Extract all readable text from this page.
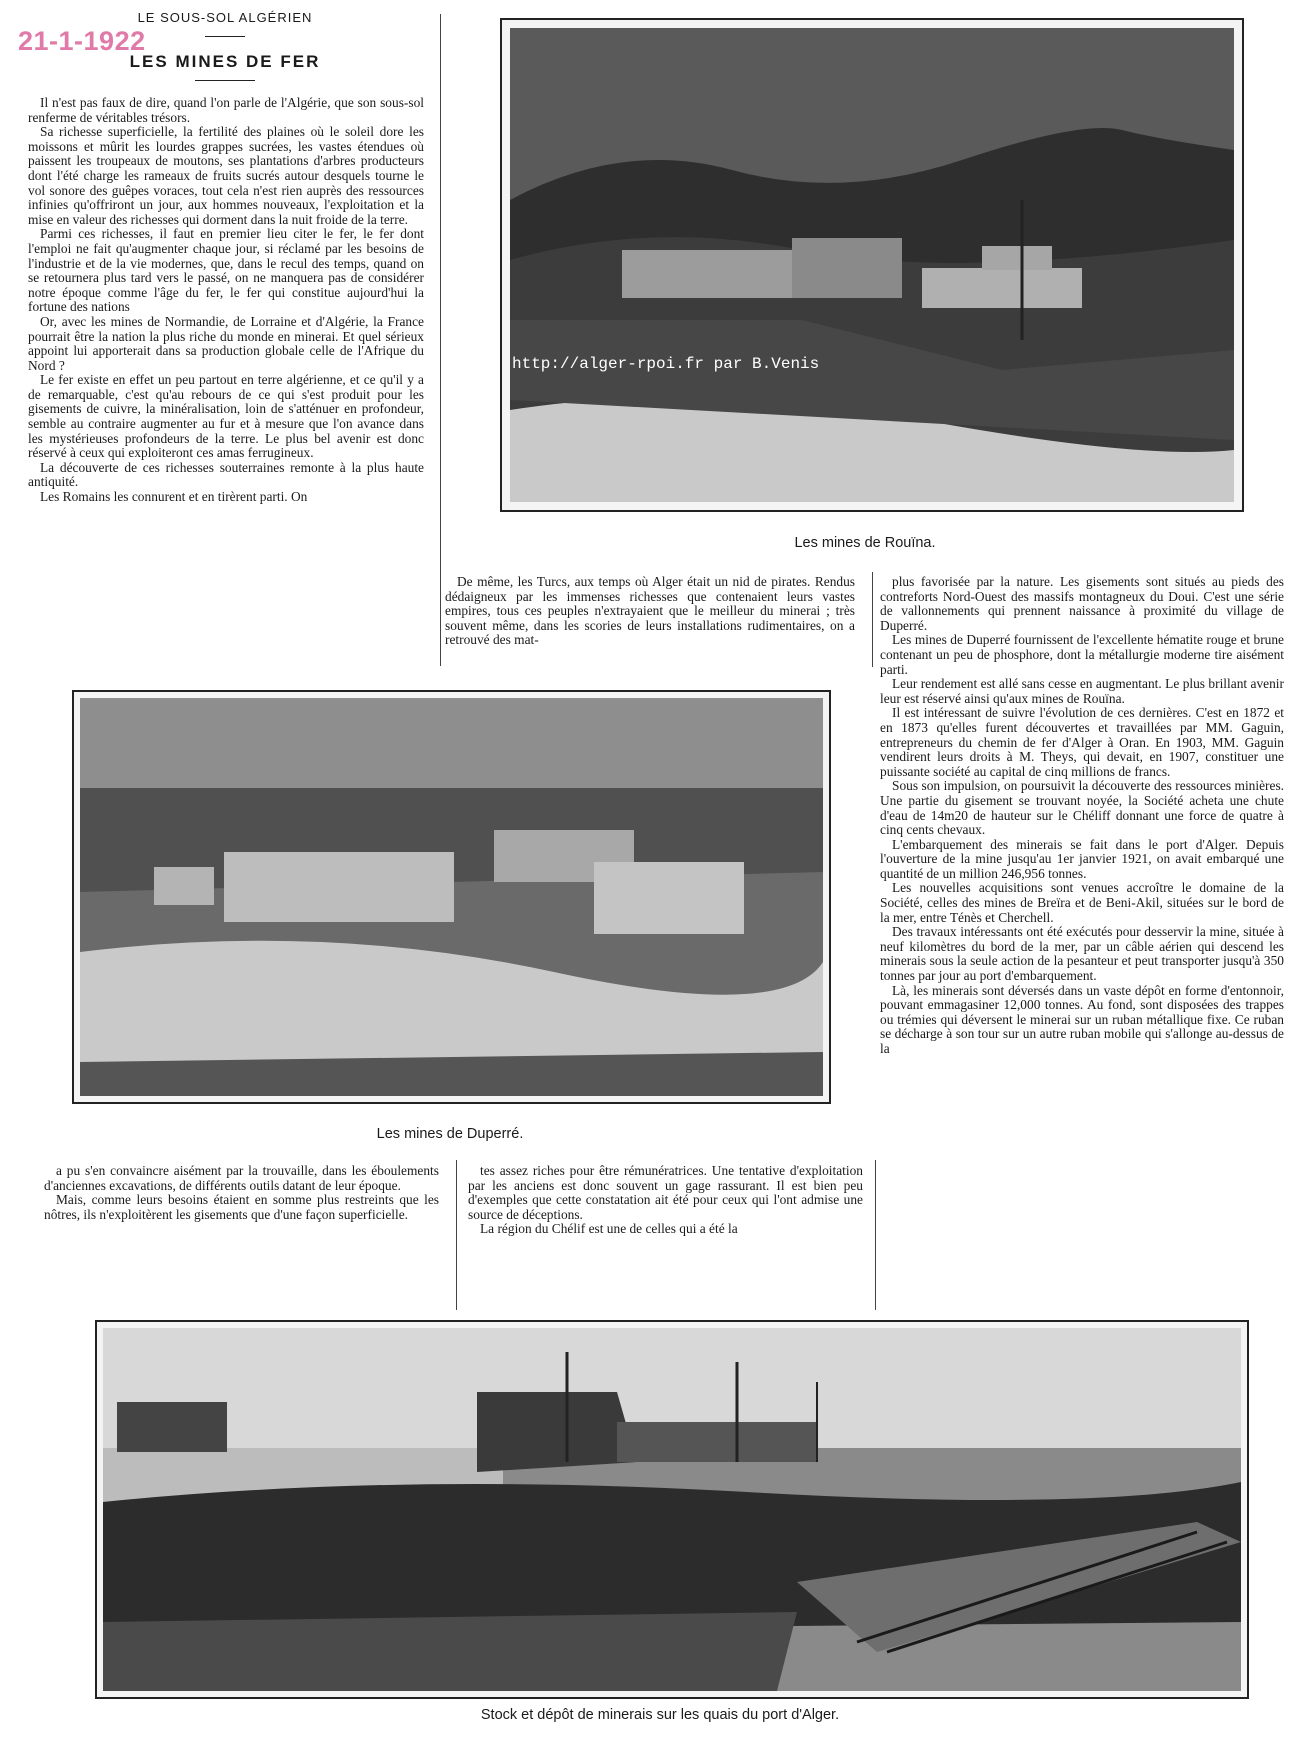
21-1-1922
LE SOUS-SOL ALGÉRIEN
LES MINES DE FER

Il n'est pas faux de dire, quand l'on parle de l'Algérie, que son sous-sol renferme de véritables trésors.

Sa richesse superficielle, la fertilité des plaines où le soleil dore les moissons et mûrit les lourdes grappes sucrées, les vastes étendues où paissent les troupeaux de moutons, ses plantations d'arbres producteurs dont l'été charge les rameaux de fruits sucrés autour desquels tourne le vol sonore des guêpes voraces, tout cela n'est rien auprès des ressources infinies qu'offriront un jour, aux hommes nouveaux, l'exploitation et la mise en valeur des richesses qui dorment dans la nuit froide de la terre.

Parmi ces richesses, il faut en premier lieu citer le fer, le fer dont l'emploi ne fait qu'augmenter chaque jour, si réclamé par les besoins de l'industrie et de la vie modernes, que, dans le recul des temps, quand on se retournera plus tard vers le passé, on ne manquera pas de considérer notre époque comme l'âge du fer, le fer qui constitue aujourd'hui la fortune des nations

Or, avec les mines de Normandie, de Lorraine et d'Algérie, la France pourrait être la nation la plus riche du monde en minerai. Et quel sérieux appoint lui apporterait dans sa production globale celle de l'Afrique du Nord ?

Le fer existe en effet un peu partout en terre algérienne, et ce qu'il y a de remarquable, c'est qu'au rebours de ce qui s'est produit pour les gisements de cuivre, la minéralisation, loin de s'atténuer en profondeur, semble au contraire augmenter au fur et à mesure que l'on avance dans les mystérieuses profondeurs de la terre. Le plus bel avenir est donc réservé à ceux qui exploiteront ces amas ferrugineux.

La découverte de ces richesses souterraines remonte à la plus haute antiquité.

Les Romains les connurent et en tirèrent parti. On

http://alger-rpoi.fr par B.Venis
Les mines de Rouïna.

De même, les Turcs, aux temps où Alger était un nid de pirates. Rendus dédaigneux par les immenses richesses que contenaient leurs vastes empires, tous ces peuples n'extrayaient que le meilleur du minerai ; très souvent même, dans les scories de leurs installations rudimentaires, on a retrouvé des mat-

plus favorisée par la nature. Les gisements sont situés au pieds des contreforts Nord-Ouest des massifs montagneux du Doui. C'est une série de vallonnements qui prennent naissance à proximité du village de Duperré.

Les mines de Duperré fournissent de l'excellente hématite rouge et brune contenant un peu de phosphore, dont la métallurgie moderne tire aisément parti.

Leur rendement est allé sans cesse en augmentant. Le plus brillant avenir leur est réservé ainsi qu'aux mines de Rouïna.

Il est intéressant de suivre l'évolution de ces dernières. C'est en 1872 et en 1873 qu'elles furent découvertes et travaillées par MM. Gaguin, entrepreneurs du chemin de fer d'Alger à Oran. En 1903, MM. Gaguin vendirent leurs droits à M. Theys, qui devait, en 1907, constituer une puissante société au capital de cinq millions de francs.

Sous son impulsion, on poursuivit la découverte des ressources minières. Une partie du gisement se trouvant noyée, la Société acheta une chute d'eau de 14m20 de hauteur sur le Chéliff donnant une force de quatre à cinq cents chevaux.

L'embarquement des minerais se fait dans le port d'Alger. Depuis l'ouverture de la mine jusqu'au 1er janvier 1921, on avait embarqué une quantité de un million 246,956 tonnes.

Les nouvelles acquisitions sont venues accroître le domaine de la Société, celles des mines de Breïra et de Beni-Akil, situées sur le bord de la mer, entre Ténès et Cherchell.

Des travaux intéressants ont été exécutés pour desservir la mine, située à neuf kilomètres du bord de la mer, par un câble aérien qui descend les minerais sous la seule action de la pesanteur et peut transporter jusqu'à 350 tonnes par jour au port d'embarquement.

Là, les minerais sont déversés dans un vaste dépôt en forme d'entonnoir, pouvant emmagasiner 12,000 tonnes. Au fond, sont disposées des trappes ou trémies qui déversent le minerai sur un ruban métallique fixe. Ce ruban se décharge à son tour sur un autre ruban mobile qui s'allonge au-dessus de la

Les mines de Duperré.

a pu s'en convaincre aisément par la trouvaille, dans les éboulements d'anciennes excavations, de différents outils datant de leur époque.

Mais, comme leurs besoins étaient en somme plus restreints que les nôtres, ils n'exploitèrent les gisements que d'une façon superficielle.

tes assez riches pour être rémunératrices. Une tentative d'exploitation par les anciens est donc souvent un gage rassurant. Il est bien peu d'exemples que cette constatation ait été pour ceux qui l'ont admise une source de déceptions.

La région du Chélif est une de celles qui a été la

Stock et dépôt de minerais sur les quais du port d'Alger.
